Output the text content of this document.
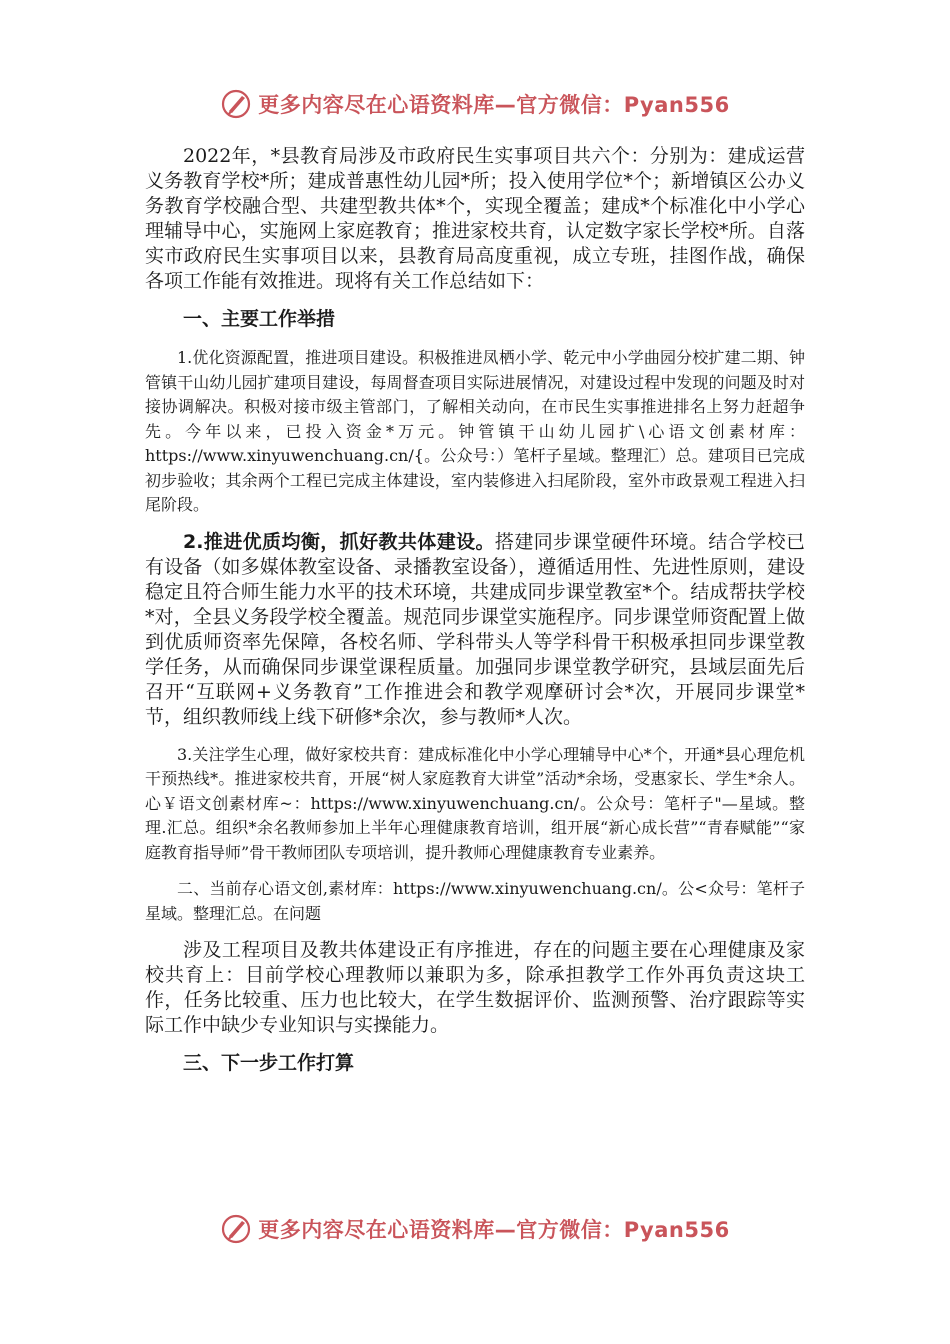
更多内容尽在心语资料库—官方微信：Pyan556

2022年，*县教育局涉及市政府民生实事项目共六个：分别为：建成运营义务教育学校*所；建成普惠性幼儿园*所；投入使用学位*个；新增镇区公办义务教育学校融合型、共建型教共体*个，实现全覆盖；建成*个标准化中小学心理辅导中心，实施网上家庭教育；推进家校共育，认定数字家长学校*所。自落实市政府民生实事项目以来，县教育局高度重视，成立专班，挂图作战，确保各项工作能有效推进。现将有关工作总结如下：

一、主要工作举措

1.优化资源配置，推进项目建设。积极推进凤栖小学、乾元中小学曲园分校扩建二期、钟管镇干山幼儿园扩建项目建设，每周督查项目实际进展情况，对建设过程中发现的问题及时对接协调解决。积极对接市级主管部门，了解相关动向，在市民生实事推进排名上努力赶超争先。今年以来，已投入资金*万元。钟管镇干山幼儿园扩\心语文创素材库：https://www.xinyuwenchuang.cn/{。公众号：）笔杆子星域。整理汇）总。建项目已完成初步验收；其余两个工程已完成主体建设，室内装修进入扫尾阶段，室外市政景观工程进入扫尾阶段。

2.推进优质均衡，抓好教共体建设。搭建同步课堂硬件环境。结合学校已有设备（如多媒体教室设备、录播教室设备），遵循适用性、先进性原则，建设稳定且符合师生能力水平的技术环境，共建成同步课堂教室*个。结成帮扶学校*对，全县义务段学校全覆盖。规范同步课堂实施程序。同步课堂师资配置上做到优质师资率先保障，各校名师、学科带头人等学科骨干积极承担同步课堂教学任务，从而确保同步课堂课程质量。加强同步课堂教学研究，县域层面先后召开“互联网+义务教育”工作推进会和教学观摩研讨会*次，开展同步课堂*节，组织教师线上线下研修*余次，参与教师*人次。

3.关注学生心理，做好家校共育：建成标准化中小学心理辅导中心*个，开通*县心理危机干预热线*。推进家校共育，开展“树人家庭教育大讲堂”活动*余场，受惠家长、学生*余人。心￥语文创素材库~：https://www.xinyuwenchuang.cn/。公众号：笔杆子"—星域。整理.汇总。组织*余名教师参加上半年心理健康教育培训，组开展“新心成长营”“青春赋能”“家庭教育指导师”骨干教师团队专项培训，提升教师心理健康教育专业素养。

二、当前存心语文创,素材库：https://www.xinyuwenchuang.cn/。公<众号：笔杆子星域。整理汇总。在问题

涉及工程项目及教共体建设正有序推进，存在的问题主要在心理健康及家校共育上：目前学校心理教师以兼职为多，除承担教学工作外再负责这块工作，任务比较重、压力也比较大，在学生数据评价、监测预警、治疗跟踪等实际工作中缺少专业知识与实操能力。

三、下一步工作打算
更多内容尽在心语资料库—官方微信：Pyan556
